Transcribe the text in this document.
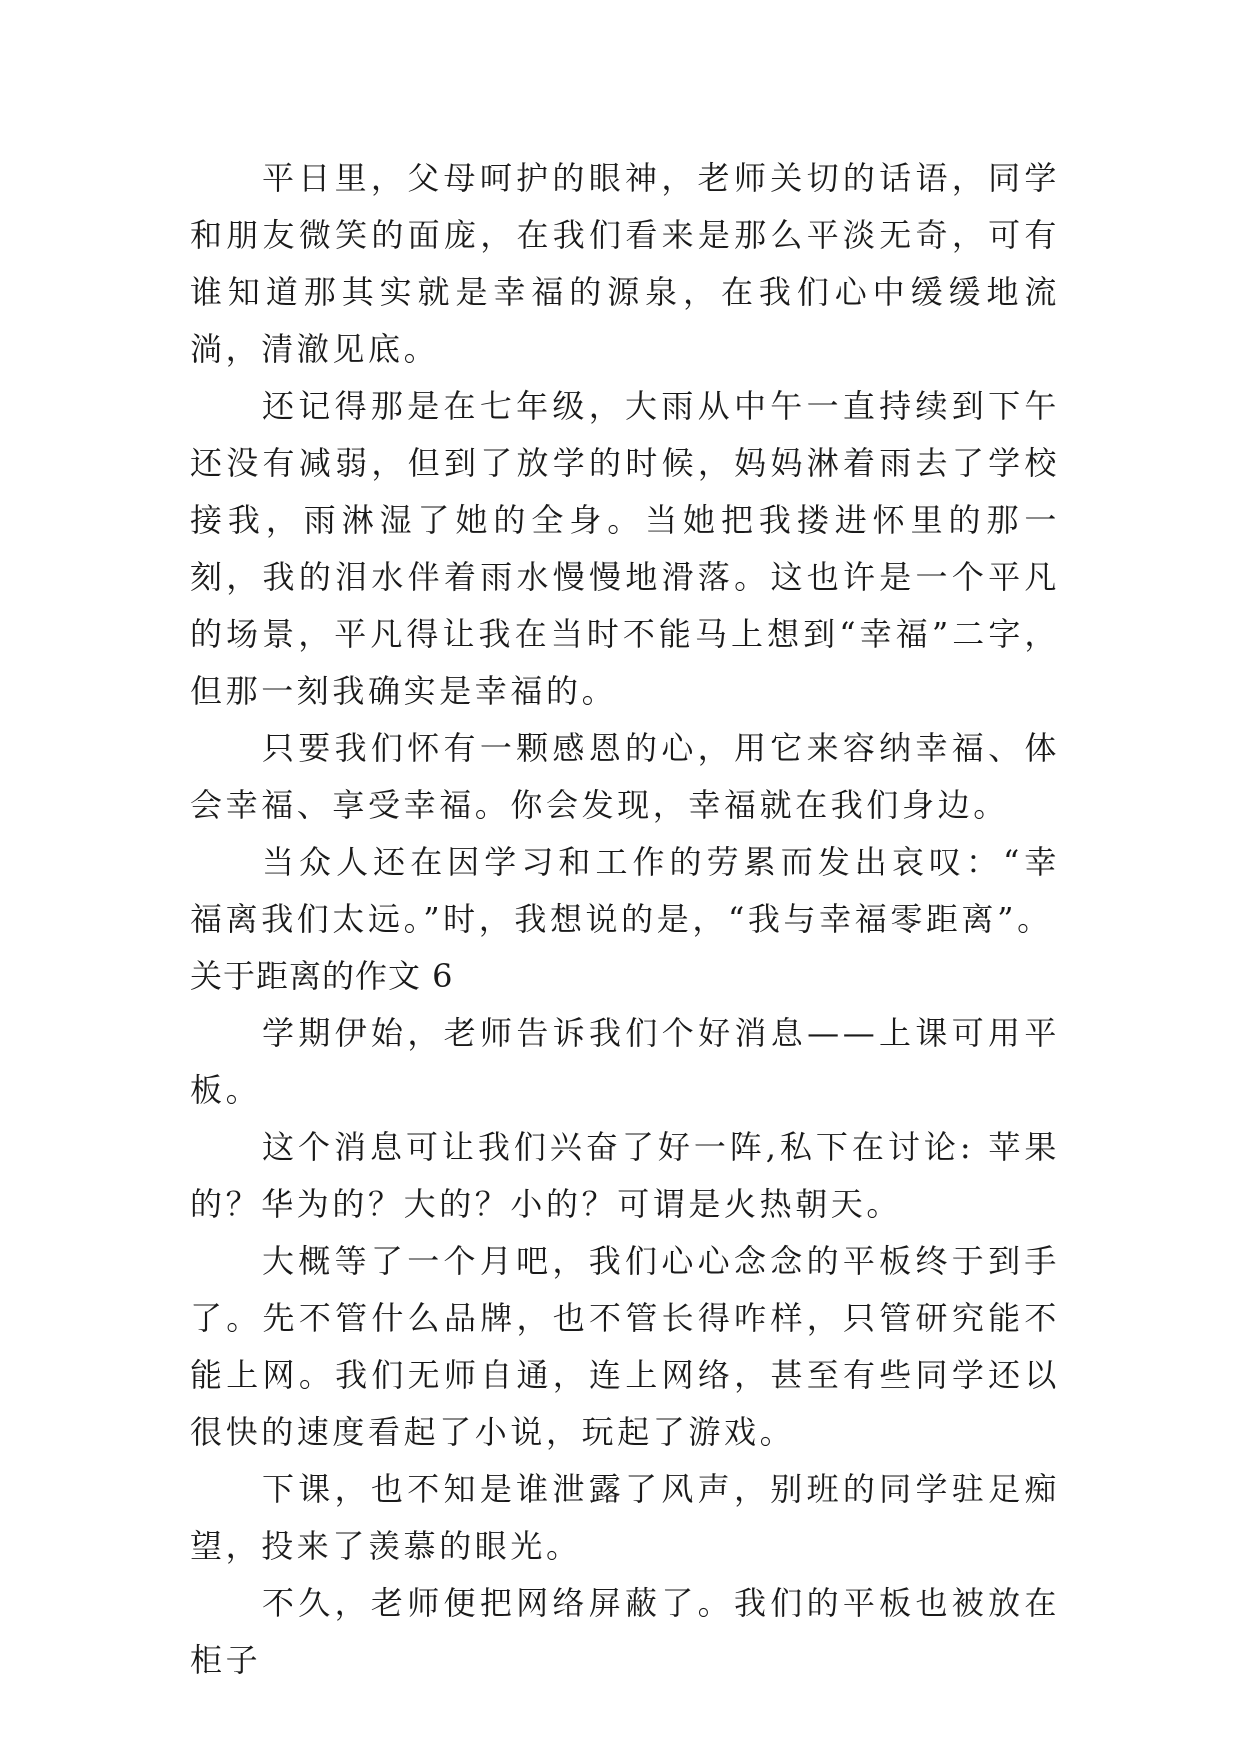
平日里，父母呵护的眼神，老师关切的话语，同学和朋友微笑的面庞，在我们看来是那么平淡无奇，可有谁知道那其实就是幸福的源泉，在我们心中缓缓地流淌，清澈见底。

还记得那是在七年级，大雨从中午一直持续到下午还没有减弱，但到了放学的时候，妈妈淋着雨去了学校接我，雨淋湿了她的全身。当她把我搂进怀里的那一刻，我的泪水伴着雨水慢慢地滑落。这也许是一个平凡的场景，平凡得让我在当时不能马上想到“幸福”二字，但那一刻我确实是幸福的。

只要我们怀有一颗感恩的心，用它来容纳幸福、体会幸福、享受幸福。你会发现，幸福就在我们身边。

当众人还在因学习和工作的劳累而发出哀叹：“幸福离我们太远。”时，我想说的是，“我与幸福零距离”。

关于距离的作文 6

学期伊始，老师告诉我们个好消息——上课可用平板。

这个消息可让我们兴奋了好一阵,私下在讨论: 苹果的？华为的？大的？小的？可谓是火热朝天。

大概等了一个月吧，我们心心念念的平板终于到手了。先不管什么品牌，也不管长得咋样，只管研究能不能上网。我们无师自通，连上网络，甚至有些同学还以很快的速度看起了小说，玩起了游戏。

下课，也不知是谁泄露了风声，别班的同学驻足痴望，投来了羡慕的眼光。

不久，老师便把网络屏蔽了。我们的平板也被放在柜子
